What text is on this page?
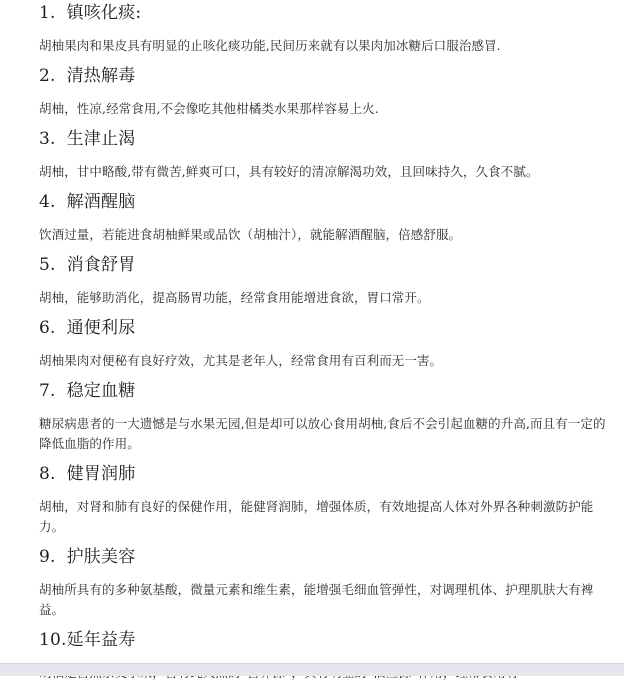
1. 镇咳化痰:
胡柚果肉和果皮具有明显的止咳化痰功能,民间历来就有以果肉加冰糖后口服治感冒.
2. 清热解毒
胡柚，性凉,经常食用,不会像吃其他柑橘类水果那样容易上火.
3. 生津止渴
胡柚，甘中略酸,带有微苦,鲜爽可口，具有较好的清凉解渴功效，且回味持久，久食不腻。
4. 解酒醒脑
饮酒过量，若能进食胡柚鲜果或品饮（胡柚汁），就能解酒醒脑，倍感舒服。
5. 消食舒胃
胡柚，能够助消化，提高肠胃功能，经常食用能增进食欲，胃口常开。
6. 通便利尿
胡柚果肉对便秘有良好疗效，尤其是老年人，经常食用有百利而无一害。
7. 稳定血糖
糖尿病患者的一大遗憾是与水果无园,但是却可以放心食用胡柚,食后不会引起血糖的升高,而且有一定的降低血脂的作用。
8. 健胃润肺
胡柚，对肾和肺有良好的保健作用，能健肾润肺，增强体质，有效地提高人体对外界各种刺激防护能力。
9. 护肤美容
胡柚所具有的多种氨基酸，微量元素和维生素，能增强毛细血管弹性，对调理机体、护理肌肤大有裨益。
10.延年益寿
